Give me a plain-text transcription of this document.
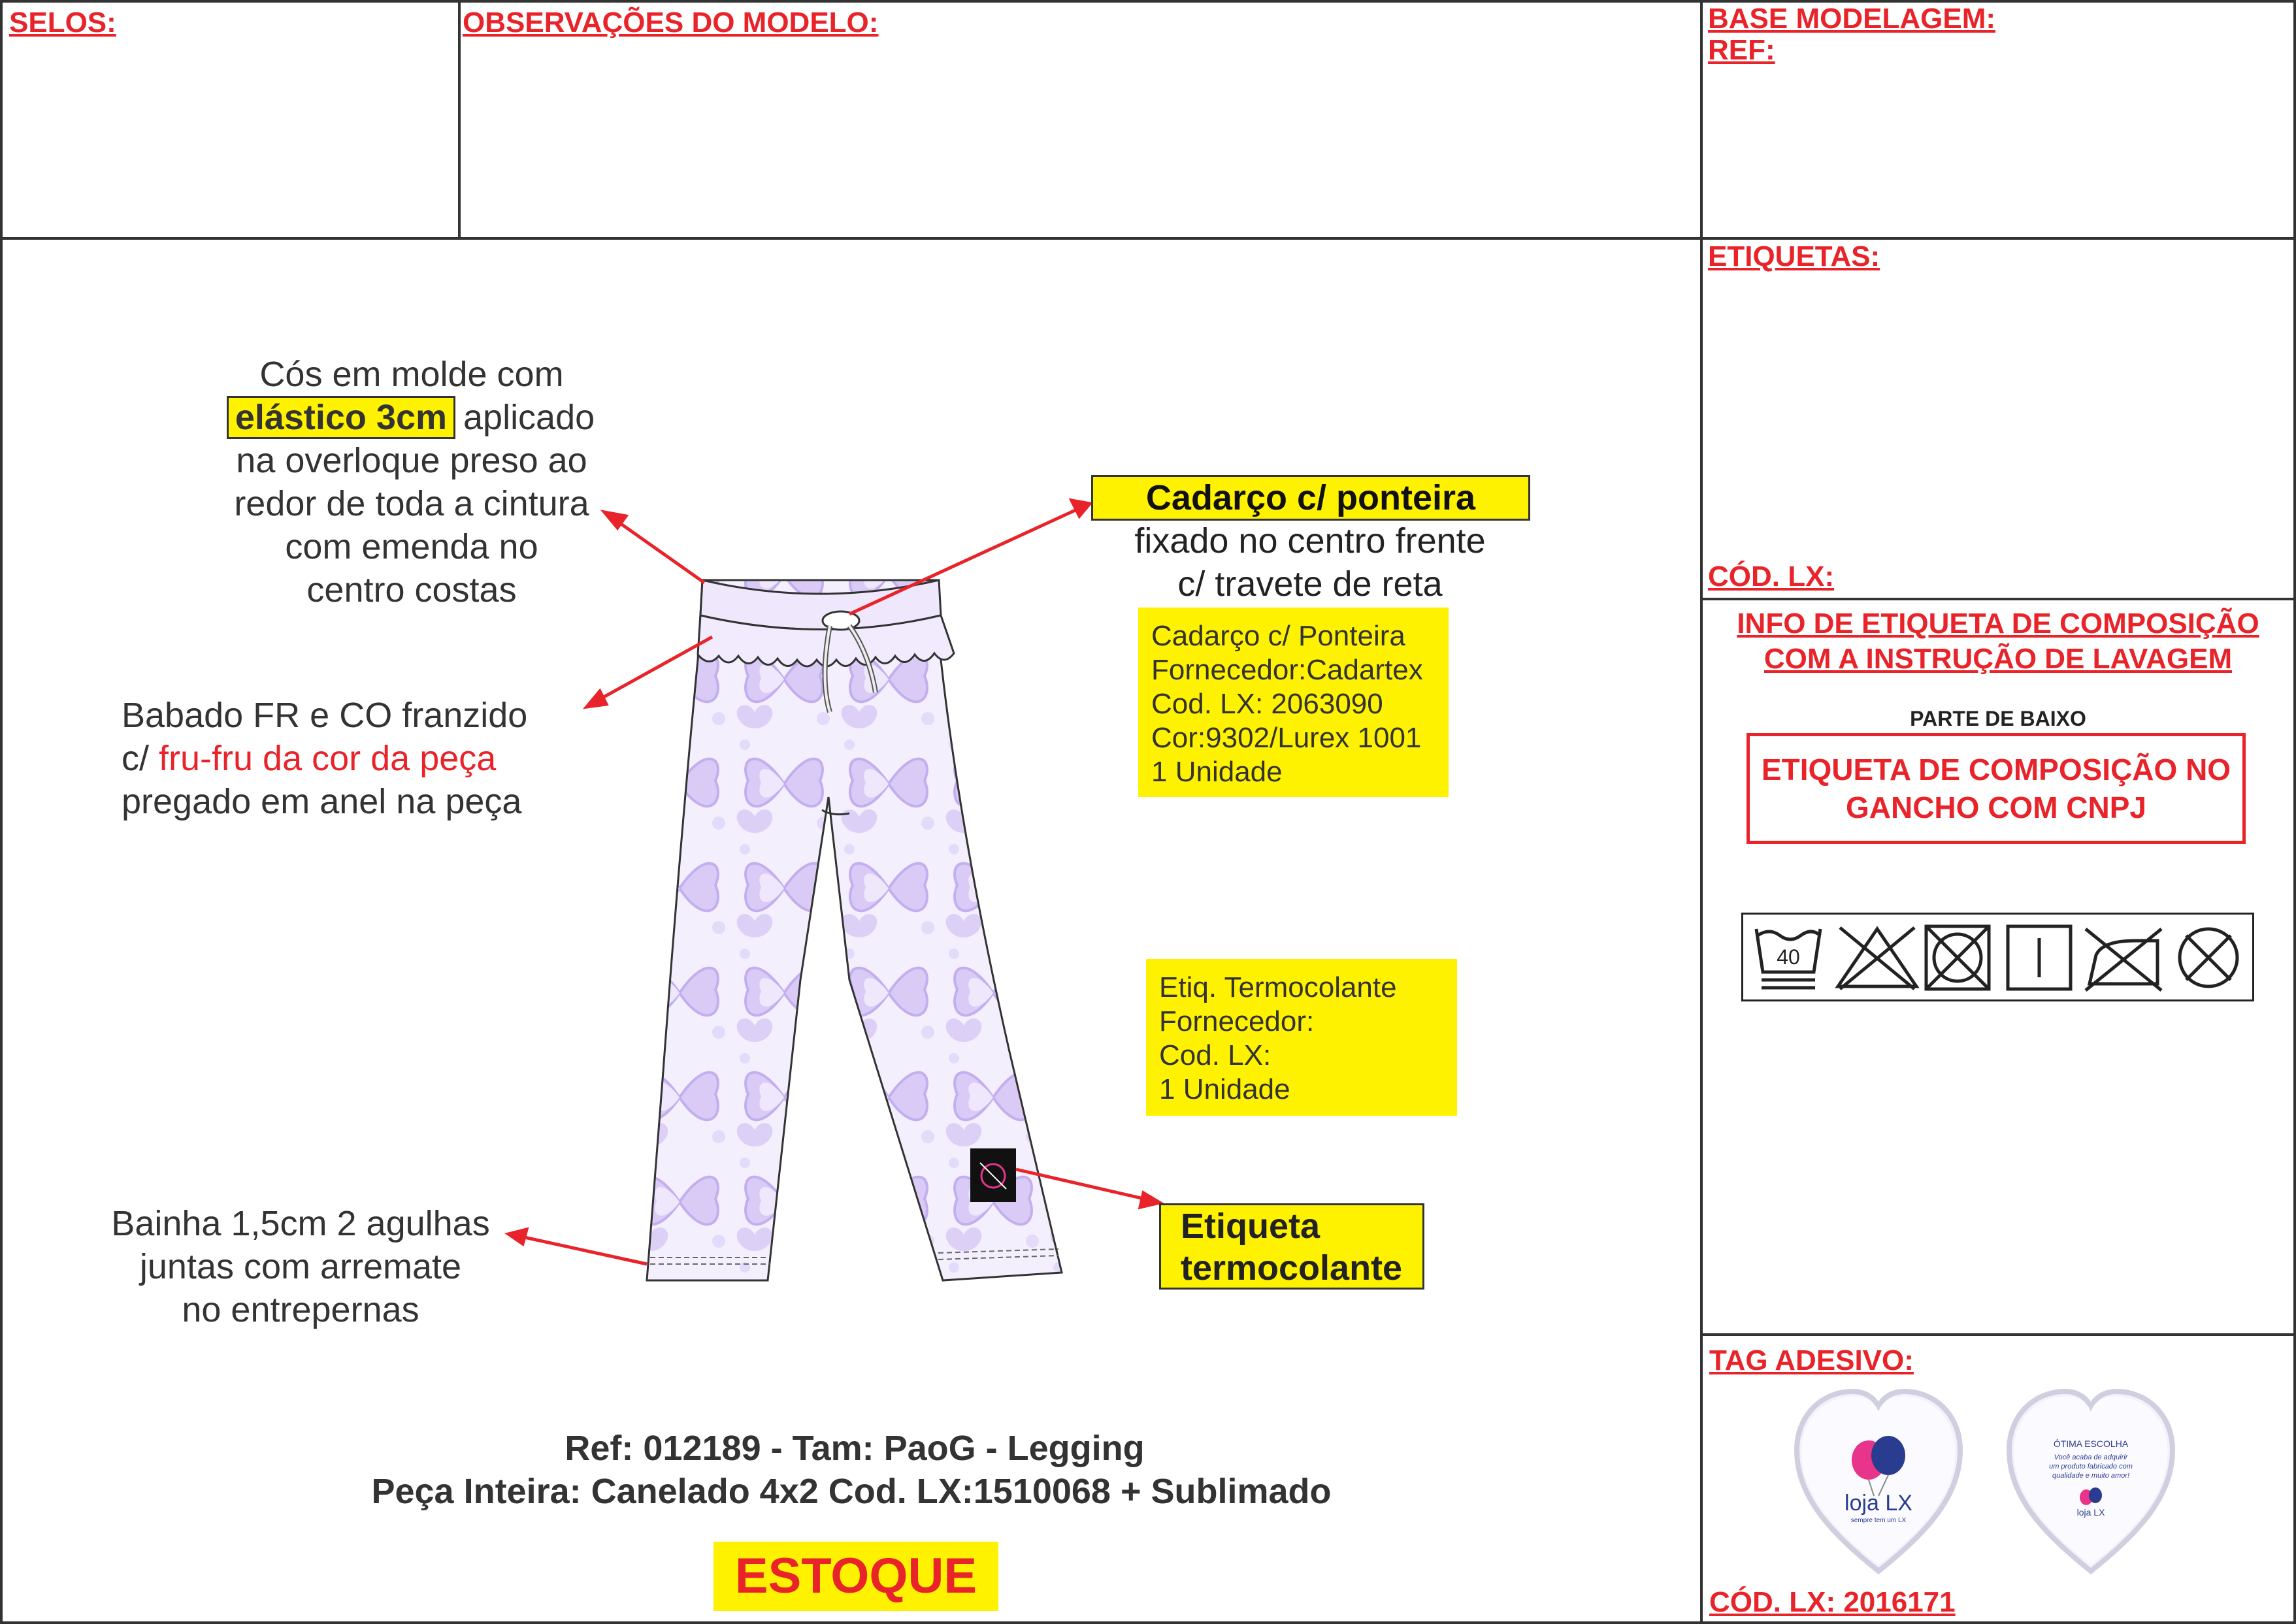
SELOS:	OBSERVAÇÕES DO MODELO:	BASE MODELAGEM:
REF:
ETIQUETAS:
CÓD. LX:
INFO DE ETIQUETA DE COMPOSIÇÃO
COM A INSTRUÇÃO DE LAVAGEM
PARTE DE BAIXO
ETIQUETA DE COMPOSIÇÃO NO
GANCHO COM CNPJ
40
TAG ADESIVO:
CÓD. LX: 2016171
loja LX
sempre tem um LX
ÓTIMA ESCOLHA
Você acaba de adquirir
um produto fabricado com
qualidade e muito amor!
loja LX
Cós em molde com
elástico 3cm aplicado
na overloque preso ao
redor de toda a cintura
com emenda no
centro costas
Babado FR e CO franzido
c/ fru-fru da cor da peça
pregado em anel na peça
Bainha 1,5cm 2 agulhas
juntas com arremate
no entrepernas
Cadarço c/ ponteira
fixado no centro frente
c/ travete de reta
Cadarço c/ Ponteira
Fornecedor:Cadartex
Cod. LX: 2063090
Cor:9302/Lurex 1001
1 Unidade
Etiq. Termocolante
Fornecedor:
Cod. LX:
1 Unidade
Etiqueta
termocolante
Ref: 012189 - Tam: PaoG - Legging
Peça Inteira: Canelado 4x2 Cod. LX:1510068 + Sublimado
ESTOQUE
